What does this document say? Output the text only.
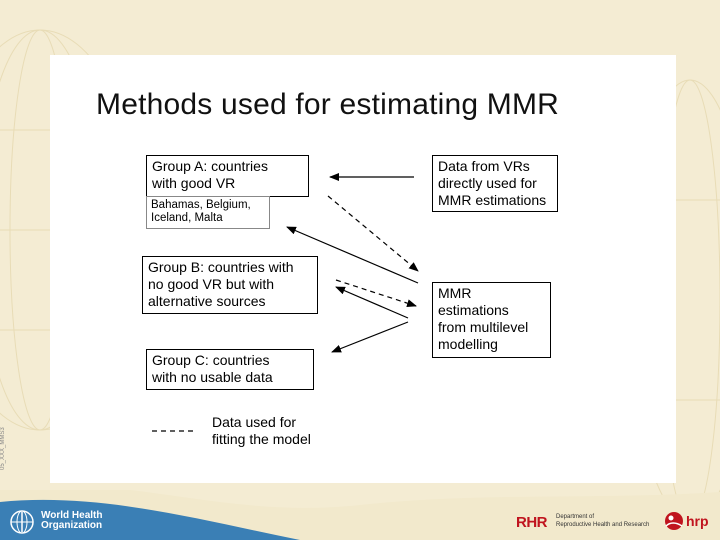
Methods used for estimating MMR
Group A: countries
with good VR
Bahamas, Belgium,
Iceland, Malta
Group B: countries with
no good VR but with
alternative sources
Group C: countries
with no usable data
Data from VRs
directly used for
MMR estimations
MMR
estimations
from multilevel
modelling
Data used for
fitting the model
05_XXX_MMS3
World Health
Organization	RHR Department of
Reproductive Health and Research	hrp
